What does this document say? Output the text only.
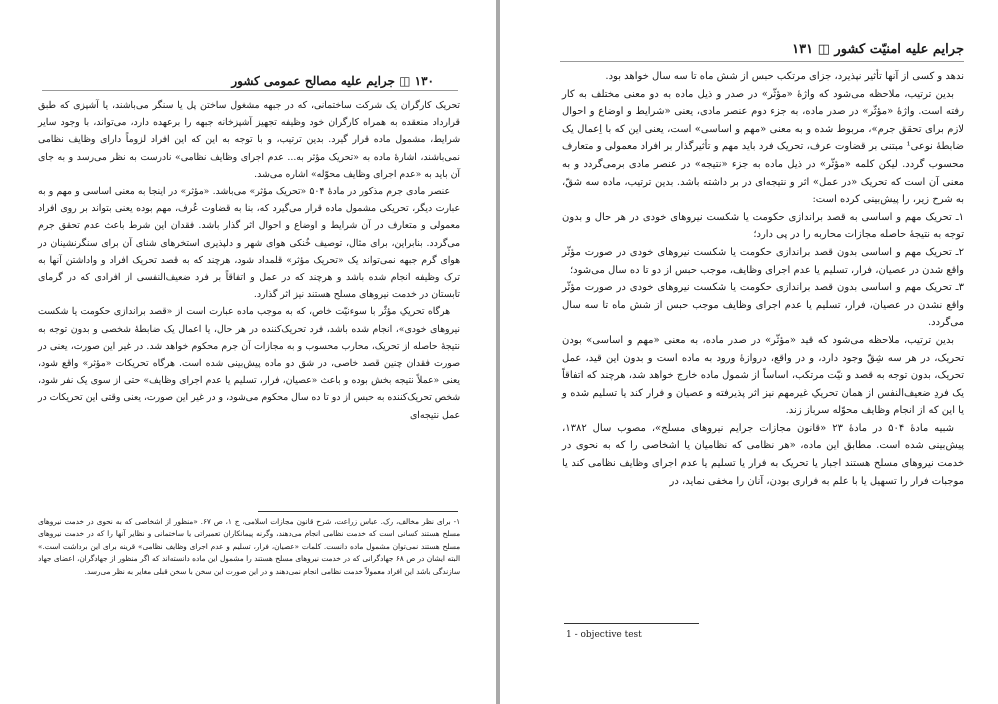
۱۳۰ ◫ جرایم علیه مصالح عمومی کشور

تحریک کارگران یک شرکت ساختمانی، که در جبهه مشغول ساختن پل یا سنگر می‌باشند، یا آشپزی که طبق قرارداد منعقده به همراه کارگران خود وظیفه تجهیز آشپزخانه جبهه را برعهده دارد، می‌تواند، با وجود سایر شرایط، مشمول ماده قرار گیرد. بدین ترتیب، و با توجه به این که این افراد لزوماً دارای وظایف نظامی نمی‌باشند، اشارهٔ ماده به «تحریک مؤثر به... عدم اجرای وظایف نظامی» نادرست به نظر می‌رسد و به جای آن باید به «عدم اجرای وظایف محوّله» اشاره می‌شد.

عنصر مادی جرم مذکور در مادهٔ ۵۰۴ «تحریک مؤثر» می‌باشد. «مؤثر» در اینجا به معنی اساسی و مهم و به عبارت دیگر، تحریکی مشمول ماده قرار می‌گیرد که، بنا به قضاوت عُرف، مهم بوده یعنی بتواند بر روی افراد معمولی و متعارف در آن شرایط و اوضاع و احوال اثر گذار باشد. فقدان این شرط باعث عدم تحقق جرم می‌گردد. بنابراین، برای مثال، توصیف خُنکی هوای شهر و دلپذیری استخرهای شنای آن برای سنگرنشینان در هوای گرم جبهه نمی‌تواند یک «تحریک مؤثر» قلمداد شود، هرچند که به قصد تحریک افراد و واداشتن آنها به ترک وظیفه انجام شده باشد و هرچند که در عمل و اتفاقاً بر فرد ضعیف‌النفسی از افرادی که در گرمای تابستان در خدمت نیروهای مسلح هستند نیز اثر گذارد.

هرگاه تحریکِ مؤثّر با سوءنیّت خاص، که به موجب ماده عبارت است از «قصد براندازی حکومت یا شکست نیروهای خودی»، انجام شده باشد، فرد تحریک‌کننده در هر حال، یا اعمال یک ضابطهٔ شخصی و بدون توجه به نتیجهٔ حاصله از تحریک، محارب محسوب و به مجازات آن جرم محکوم خواهد شد. در غیر این صورت، یعنی در صورت فقدان چنین قصد خاصی، در شق دو ماده پیش‌بینی شده است. هرگاه تحریکات «مؤثر» واقع شود، یعنی «عملاً نتیجه بخش بوده و باعث «عصیان، فرار، تسلیم یا عدم اجرای وظایف» حتی از سوی یک نفر شود، شخص تحریک‌کننده به حبس از دو تا ده سال محکوم می‌شود، و در غیر این صورت، یعنی وقتی این تحریکات در عمل نتیجه‌ای

۱- برای نظر مخالف، رک. عباس زراعت، شرح قانون مجازات اسلامی، ج ۱، ص ۶۷. «منظور از اشخاصی که به نحوی در خدمت نیروهای مسلح هستند کسانی است که خدمت نظامی انجام می‌دهند، وگرنه پیمانکاران تعمیراتی یا ساختمانی و نظایر آنها را که در خدمت نیروهای مسلح هستند نمی‌توان مشمول ماده دانست. کلمات «عصیان، فرار، تسلیم و عدم اجرای وظایف نظامی» قرینه برای این برداشت است.» البته ایشان در ص ۶۸ جهادگرانی که در خدمت نیروهای مسلح هستند را مشمول این ماده دانسته‌اند که اگر منظور از جهادگران، اعضای جهاد سازندگی باشد این افراد معمولاً خدمت نظامی انجام نمی‌دهند و در این صورت این سخن با سخن قبلی مغایر به نظر می‌رسد.
جرایم علیه امنیّت کشور ◫ ۱۳۱

ندهد و کسی از آنها تأثیر نپذیرد، جزای مرتکب حبس از شش ماه تا سه سال خواهد بود.

بدین ترتیب، ملاحظه می‌شود که واژهٔ «مؤثّر» در صدر و ذیل ماده به دو معنی مختلف به کار رفته است. واژهٔ «مؤثّر» در صدر ماده، به جزء دوم عنصر مادی، یعنی «شرایط و اوضاع و احوال لازم برای تحقق جرم»، مربوط شده و به معنی «مهم و اساسی» است، یعنی این که با اِعمال یک ضابطهٔ نوعی¹ مبتنی بر قضاوت عرف، تحریک فرد باید مهم و تأثیرگذار بر افراد معمولی و متعارف محسوب گردد. لیکن کلمه «مؤثّر» در ذیل ماده به جزء «نتیجه» در عنصر مادی برمی‌گردد و به معنی آن است که تحریک «در عمل» اثر و نتیجه‌ای در بر داشته باشد. بدین ترتیب، ماده سه شقّ، به شرح زیر، را پیش‌بینی کرده است:

۱ـ تحریک مهم و اساسی به قصد براندازی حکومت یا شکست نیروهای خودی در هر حال و بدون توجه به نتیجهٔ حاصله مجازات محاربه را در پی دارد؛

۲ـ تحریک مهم و اساسی بدون قصد براندازی حکومت یا شکست نیروهای خودی در صورت مؤثّر واقع شدن در عصیان، فرار، تسلیم یا عدم اجرای وظایف، موجب حبس از دو تا ده سال می‌شود؛

۳ـ تحریک مهم و اساسی بدون قصد براندازی حکومت یا شکست نیروهای خودی در صورت مؤثّر واقع نشدن در عصیان، فرار، تسلیم یا عدم اجرای وظایف موجب حبس از شش ماه تا سه سال می‌گردد.

بدین ترتیب، ملاحظه می‌شود که قید «مؤثّر» در صدر ماده، به معنی «مهم و اساسی» بودن تحریک، در هر سه شِقّ وجود دارد، و در واقع، دروازهٔ ورود به ماده است و بدون این قید، عمل تحریک، بدون توجه به قصد و نیّت مرتکب، اساساً از شمول ماده خارج خواهد شد، هرچند که اتفاقاً یک فردِ ضعیف‌النفس از همان تحریکِ غیرمهم نیز اثر پذیرفته و عصیان و فرار کند یا تسلیم شده و یا این که از انجام وظایف محوّله سرباز زند.

شبیه مادهٔ ۵۰۴ در مادهٔ ۲۳ «قانون مجازات جرایم نیروهای مسلح»، مصوب سال ۱۳۸۲، پیش‌بینی شده است. مطابق این ماده، «هر نظامی که نظامیان یا اشخاصی را که به نحوی در خدمت نیروهای مسلح هستند اجبار یا تحریک به فرار یا تسلیم یا عدم اجرای وظایف نظامی کند یا موجبات فرار را تسهیل یا با علم به فراری بودن، آنان را مخفی نماید، در

1 - objective test
